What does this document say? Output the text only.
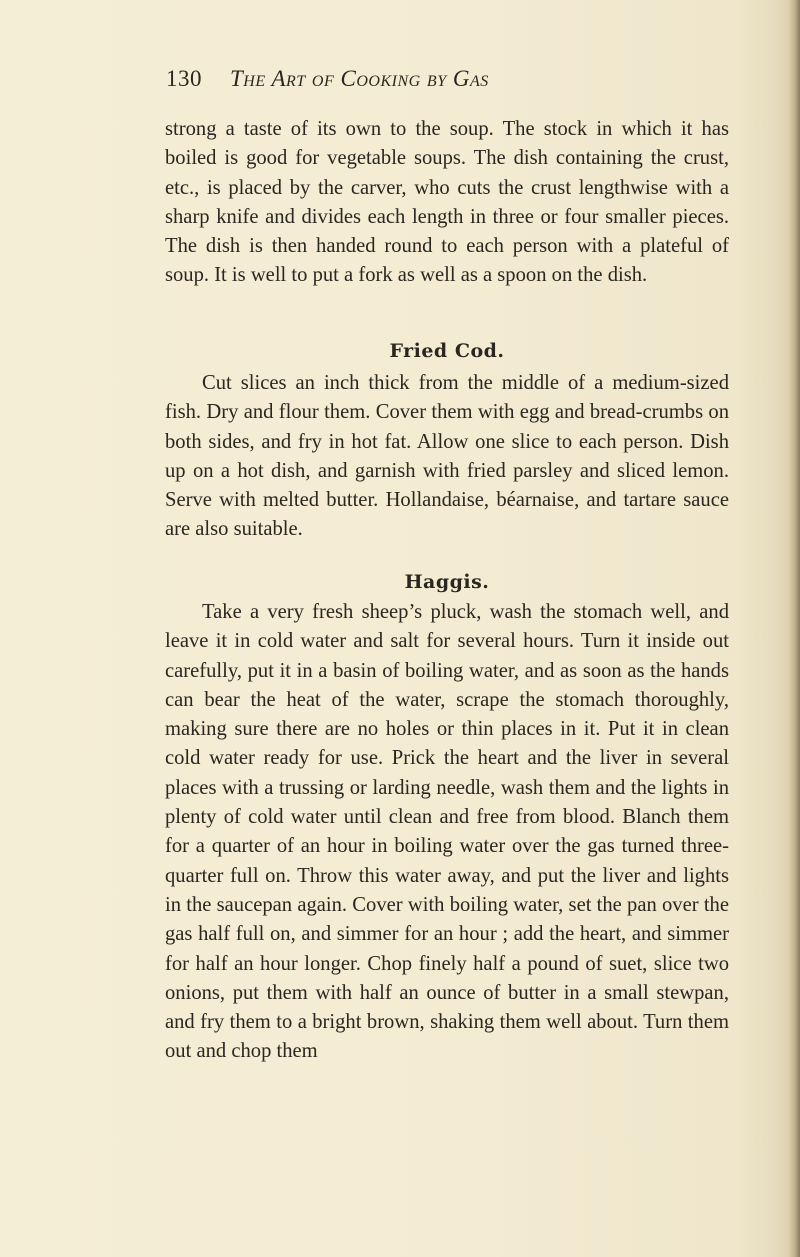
130 The Art of Cooking by Gas

strong a taste of its own to the soup. The stock in which it has boiled is good for vegetable soups. The dish containing the crust, etc., is placed by the carver, who cuts the crust lengthwise with a sharp knife and divides each length in three or four smaller pieces. The dish is then handed round to each person with a plateful of soup. It is well to put a fork as well as a spoon on the dish.

Fried Cod.

Cut slices an inch thick from the middle of a medium-sized fish. Dry and flour them. Cover them with egg and bread-crumbs on both sides, and fry in hot fat. Allow one slice to each person. Dish up on a hot dish, and garnish with fried parsley and sliced lemon. Serve with melted butter. Hollandaise, béarnaise, and tartare sauce are also suitable.

Haggis.

Take a very fresh sheep’s pluck, wash the stomach well, and leave it in cold water and salt for several hours. Turn it inside out carefully, put it in a basin of boiling water, and as soon as the hands can bear the heat of the water, scrape the stomach thoroughly, making sure there are no holes or thin places in it. Put it in clean cold water ready for use. Prick the heart and the liver in several places with a trussing or larding needle, wash them and the lights in plenty of cold water until clean and free from blood. Blanch them for a quarter of an hour in boiling water over the gas turned three-quarter full on. Throw this water away, and put the liver and lights in the saucepan again. Cover with boiling water, set the pan over the gas half full on, and simmer for an hour ; add the heart, and simmer for half an hour longer. Chop finely half a pound of suet, slice two onions, put them with half an ounce of butter in a small stewpan, and fry them to a bright brown, shaking them well about. Turn them out and chop them
